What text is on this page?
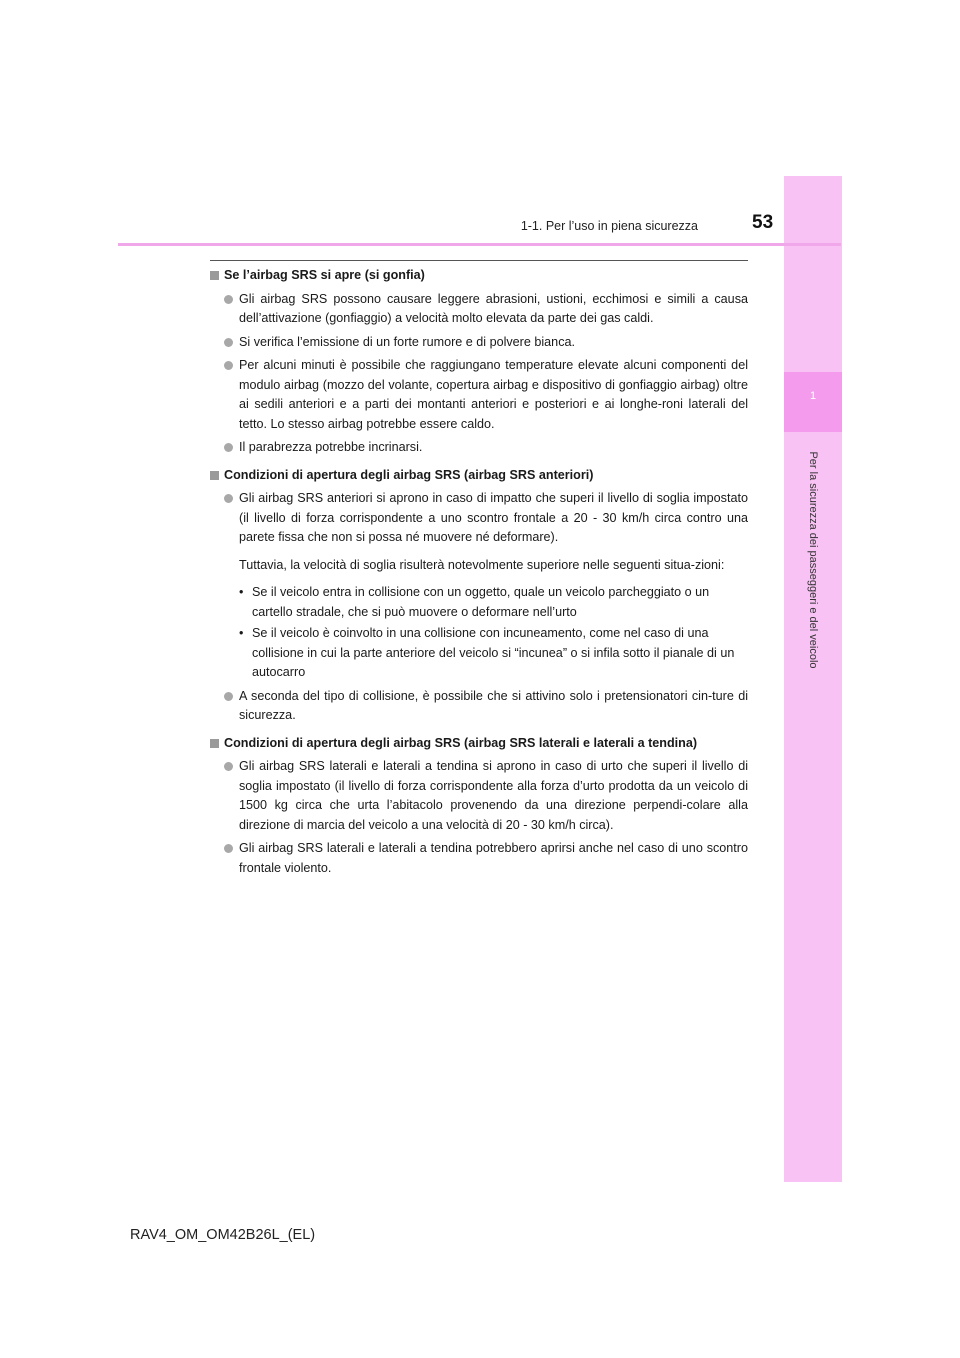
1
Per la sicurezza dei passeggeri e del veicolo
1-1. Per l’uso in piena sicurezza	53
Se l’airbag SRS si apre (si gonfia)
Gli airbag SRS possono causare leggere abrasioni, ustioni, ecchimosi e simili a causa dell’attivazione (gonfiaggio) a velocità molto elevata da parte dei gas caldi.
Si verifica l’emissione di un forte rumore e di polvere bianca.
Per alcuni minuti è possibile che raggiungano temperature elevate alcuni componenti del modulo airbag (mozzo del volante, copertura airbag e dispositivo di gonfiaggio airbag) oltre ai sedili anteriori e a parti dei montanti anteriori e posteriori e ai longhe-roni laterali del tetto. Lo stesso airbag potrebbe essere caldo.
Il parabrezza potrebbe incrinarsi.
Condizioni di apertura degli airbag SRS (airbag SRS anteriori)
Gli airbag SRS anteriori si aprono in caso di impatto che superi il livello di soglia impostato (il livello di forza corrispondente a uno scontro frontale a 20 - 30 km/h circa contro una parete fissa che non si possa né muovere né deformare).
Tuttavia, la velocità di soglia risulterà notevolmente superiore nelle seguenti situa-zioni:
• Se il veicolo entra in collisione con un oggetto, quale un veicolo parcheggiato o un cartello stradale, che si può muovere o deformare nell’urto
• Se il veicolo è coinvolto in una collisione con incuneamento, come nel caso di una collisione in cui la parte anteriore del veicolo si “incunea” o si infila sotto il pianale di un autocarro
A seconda del tipo di collisione, è possibile che si attivino solo i pretensionatori cin-ture di sicurezza.
Condizioni di apertura degli airbag SRS (airbag SRS laterali e laterali a tendina)
Gli airbag SRS laterali e laterali a tendina si aprono in caso di urto che superi il livello di soglia impostato (il livello di forza corrispondente alla forza d’urto prodotta da un veicolo di 1500 kg circa che urta l’abitacolo provenendo da una direzione perpendi-colare alla direzione di marcia del veicolo a una velocità di 20 - 30 km/h circa).
Gli airbag SRS laterali e laterali a tendina potrebbero aprirsi anche nel caso di uno scontro frontale violento.
RAV4_OM_OM42B26L_(EL)
